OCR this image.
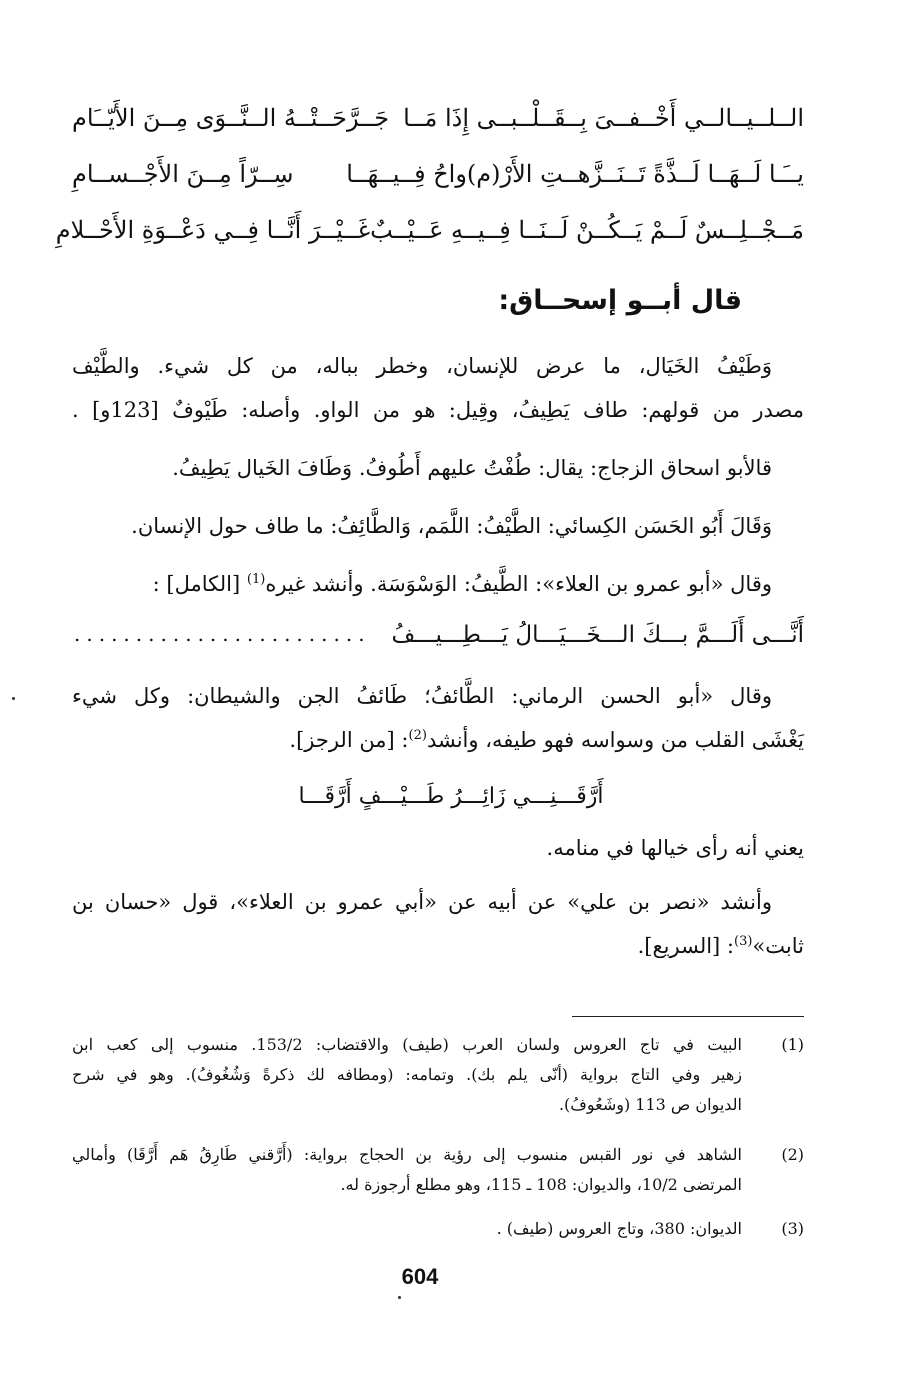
الــلــيــالــي أَخْــفــىَ بِــقَــلْــبــى إِذَا مَــا
جَــرَّحَــتْــهُ الــنَّــوَى مِــنَ الأَيّــَام
يــَـا لَــهَــا لَــذَّةً تَــنَــزَّهــتِ الأَرْ(م)واحُ فِــيــهَــا
سِــرّاً مِــنَ الأَجْــســامِ
مَــجْــلِــسٌ لَــمْ يَــكُــنْ لَــنَــا فِــيــهِ عَــيْــبٌ
غَــيْــرَ أَنَّــا فِــي دَعْــوَةِ الأَحْــلامِ
قال أبــو إسحــاق:
وَطَيْفُ الخَيَال، ما عرض للإنسان، وخطر بباله، من كل شيء. والطَّيْف
مصدر من قولهم: طاف يَطِيفُ، وقِيل: هو من الواو. وأصله: طَيْوفٌ [123و] .
قالأبو اسحاق الزجاج: يقال: طُفْتُ عليهم أَطُوفُ. وَطَافَ الخَيال يَطِيفُ.
وَقَالَ أَبُو الحَسَن الكِسائي: الطَّيْفُ: اللَّمَم، وَالطَّائِفُ: ما طاف حول الإنسان.
وقال «أبو عمرو بن العلاء»: الطَّيفُ: الوَسْوَسَة. وأنشد غيره$^{(1)}$ [الكامل] :
أَنَّـــى أَلَـــمَّ بـــكَ الـــخَـــيَـــالُ يَـــطِـــيـــفُ
........................
وقال «أبو الحسن الرماني: الطَّائفُ؛ طَائفُ الجن والشيطان: وكل شيء
يَغْشَى القلب من وسواسه فهو طيفه، وأنشد$^{(2)}$: [من الرجز].
أَرَّقَـــنِـــي زَائِـــرُ طَـــيْـــفٍ أَرَّقَـــا
يعني أنه رأى خيالها في منامه.
وأنشد «نصر بن علي» عن أبيه عن «أبي عمرو بن العلاء»، قول «حسان بن
ثابت»$^{(3)}$: [السريع].
(1)
البيت في تاج العروس ولسان العرب (طيف) والاقتضاب: 153/2. منسوب إلى كعب ابن
زهير وفي التاج برواية (أنّى يلم بك). وتمامه: (ومطافه لك ذكرةً وَشُغُوفُ). وهو في شرح
الديوان ص 113 (وشَعُوفُ).
(2)
الشاهد في نور القبس منسوب إلى رؤية بن الحجاج برواية: (أَرَّقني طَارِقُ هَم أَرَّقَا) وأمالي
المرتضى 10/2، والديوان: 108 ـ 115، وهو مطلع أرجوزة له.
(3)
الديوان: 380، وتاج العروس (طيف) .
604
